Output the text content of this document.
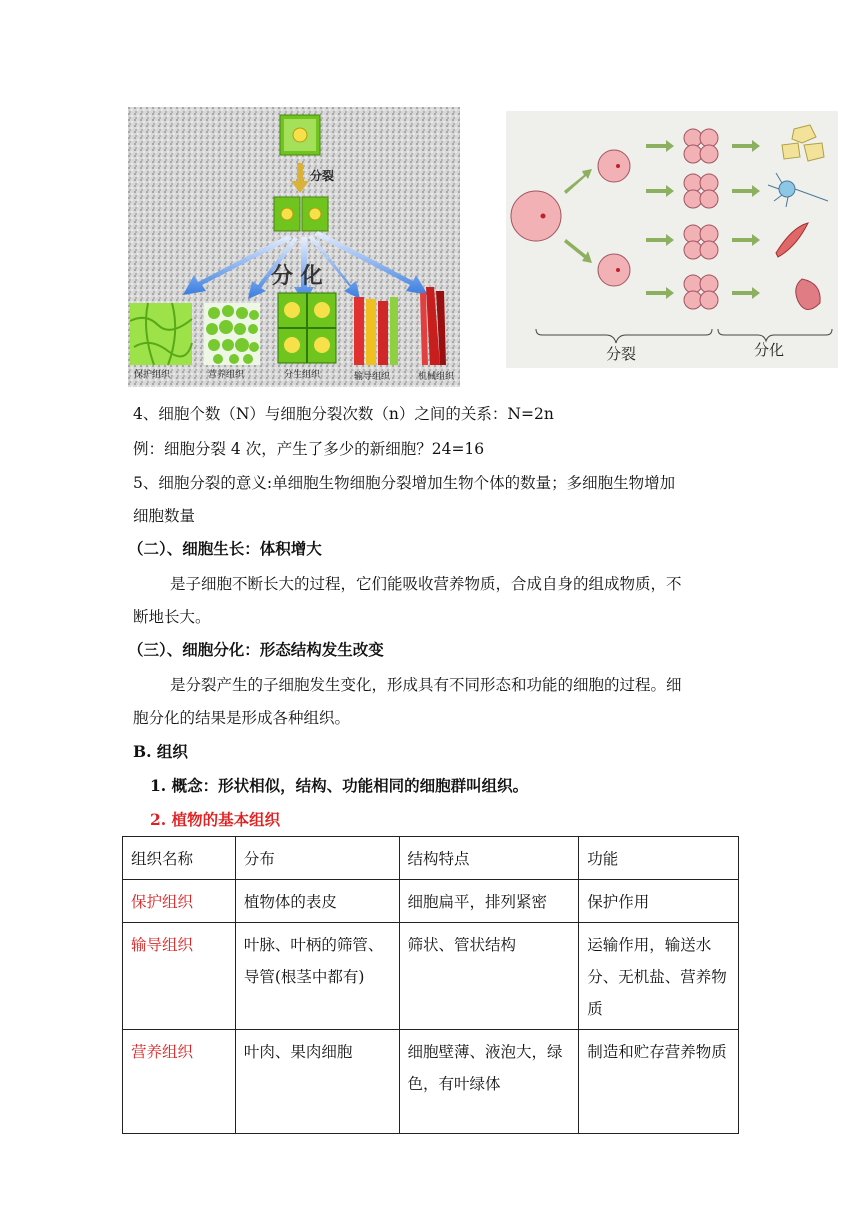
分裂
分 化
保护组织	营养组织	分生组织	输导组织	机械组织
分裂	分化
4、细胞个数（N）与细胞分裂次数（n）之间的关系：N=2n
例：细胞分裂 4 次，产生了多少的新细胞？24=16
5、细胞分裂的意义:单细胞生物细胞分裂增加生物个体的数量；多细胞生物增加
细胞数量
（二）、细胞生长：体积增大
是子细胞不断长大的过程，它们能吸收营养物质，合成自身的组成物质，不
断地长大。
（三）、细胞分化：形态结构发生改变
是分裂产生的子细胞发生变化，形成具有不同形态和功能的细胞的过程。细
胞分化的结果是形成各种组织。
B. 组织
1. 概念：形状相似，结构、功能相同的细胞群叫组织。
2. 植物的基本组织
组织名称	分布	结构特点	功能
保护组织	植物体的表皮	细胞扁平，排列紧密	保护作用
输导组织	叶脉、叶柄的筛管、导管(根茎中都有)	筛状、管状结构	运输作用，输送水分、无机盐、营养物质
营养组织	叶肉、果肉细胞	细胞壁薄、液泡大，绿色，有叶绿体	制造和贮存营养物质
